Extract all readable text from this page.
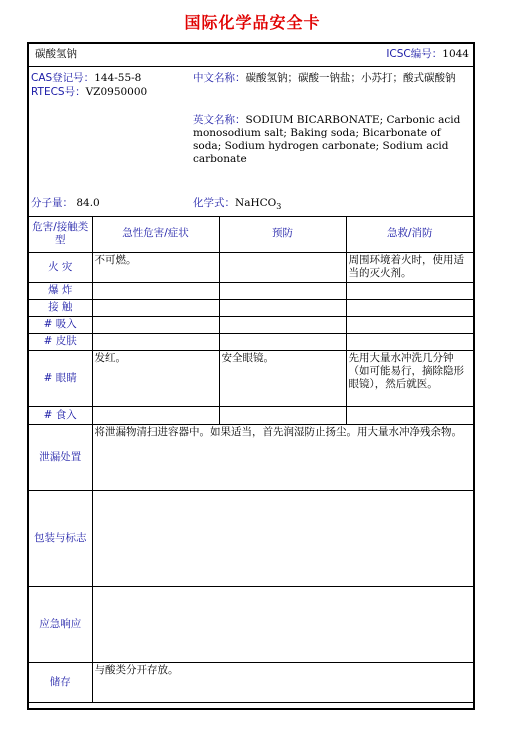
国际化学品安全卡
碳酸氢钠	ICSC编号：1044
CAS登记号：144-55-8
RTECS号：VZ0950000
中文名称：碳酸氢钠；碳酸一钠盐；小苏打；酸式碳酸钠
英文名称：SODIUM BICARBONATE; Carbonic acid monosodium salt; Baking soda; Bicarbonate of soda; Sodium hydrogen carbonate; Sodium acid carbonate
分子量： 84.0	化学式：NaHCO$_3$
危害/接触类型	急性危害/症状	预防	急救/消防
火 灾	不可燃。		周围环境着火时，使用适当的灭火剂。
爆 炸			
接 触			
# 吸入			
# 皮肤			
# 眼睛	发红。	安全眼镜。	先用大量水冲洗几分钟（如可能易行，摘除隐形眼镜），然后就医。
# 食入			
泄漏处置	将泄漏物清扫进容器中。如果适当，首先润湿防止扬尘。用大量水冲净残余物。		
包装与标志			
应急响应			
储存	与酸类分开存放。		
